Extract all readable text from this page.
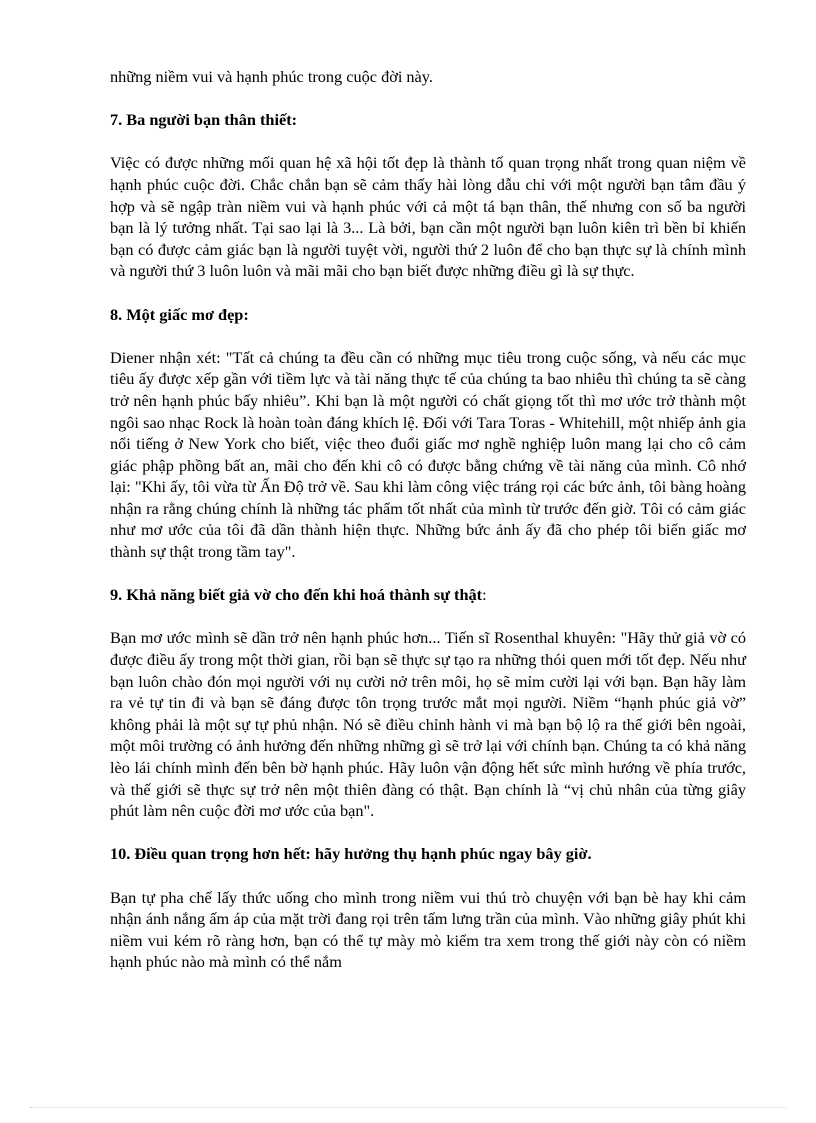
những niềm vui và hạnh phúc trong cuộc đời này.

7. Ba người bạn thân thiết:

Việc có được những mối quan hệ xã hội tốt đẹp là thành tố quan trọng nhất trong quan niệm về hạnh phúc cuộc đời. Chắc chắn bạn sẽ cảm thấy hài lòng dẫu chỉ với một người bạn tâm đầu ý hợp và sẽ ngập tràn niềm vui và hạnh phúc với cả một tá bạn thân, thế nhưng con số ba người bạn là lý tưởng nhất. Tại sao lại là 3... Là bởi, bạn cần một người bạn luôn kiên trì bền bỉ khiến bạn có được cảm giác bạn là người tuyệt vời, người thứ 2 luôn để cho bạn thực sự là chính mình và người thứ 3 luôn luôn và mãi mãi cho bạn biết được những điều gì là sự thực.

8. Một giấc mơ đẹp:

Diener nhận xét: "Tất cả chúng ta đều cần có những mục tiêu trong cuộc sống, và nếu các mục tiêu ấy được xếp gần với tiềm lực và tài năng thực tế của chúng ta bao nhiêu thì chúng ta sẽ càng trở nên hạnh phúc bấy nhiêu”. Khi bạn là một người có chất giọng tốt thì mơ ước trở thành một ngôi sao nhạc Rock là hoàn toàn đáng khích lệ. Đối với Tara Toras - Whitehill, một nhiếp ảnh gia nổi tiếng ở New York cho biết, việc theo đuổi giấc mơ nghề nghiệp luôn mang lại cho cô cảm giác phập phồng bất an, mãi cho đến khi cô có được bằng chứng về tài năng của mình. Cô nhớ lại: "Khi ấy, tôi vừa từ Ấn Độ trở về. Sau khi làm công việc tráng rọi các bức ảnh, tôi bàng hoàng nhận ra rằng chúng chính là những tác phẩm tốt nhất của mình từ trước đến giờ. Tôi có cảm giác như mơ ước của tôi đã dần thành hiện thực. Những bức ảnh ấy đã cho phép tôi biến giấc mơ thành sự thật trong tầm tay".

9. Khả năng biết giả vờ cho đến khi hoá thành sự thật:

Bạn mơ ước mình sẽ dần trở nên hạnh phúc hơn... Tiến sĩ Rosenthal khuyên: "Hãy thử giả vờ có được điều ấy trong một thời gian, rồi bạn sẽ thực sự tạo ra những thói quen mới tốt đẹp. Nếu như bạn luôn chào đón mọi người với nụ cười nở trên môi, họ sẽ mỉm cười lại với bạn. Bạn hãy làm ra vẻ tự tin đi và bạn sẽ đáng được tôn trọng trước mắt mọi người. Niềm “hạnh phúc giả vờ” không phải là một sự tự phủ nhận. Nó sẽ điều chỉnh hành vi mà bạn bộ lộ ra thế giới bên ngoài, một môi trường có ảnh hưởng đến những những gì sẽ trở lại với chính bạn. Chúng ta có khả năng lèo lái chính mình đến bên bờ hạnh phúc. Hãy luôn vận động hết sức mình hướng về phía trước, và thế giới sẽ thực sự trở nên một thiên đàng có thật. Bạn chính là “vị chủ nhân của từng giây phút làm nên cuộc đời mơ ước của bạn".

10. Điều quan trọng hơn hết: hãy hưởng thụ hạnh phúc ngay bây giờ.

Bạn tự pha chế lấy thức uống cho mình trong niềm vui thú trò chuyện với bạn bè hay khi cảm nhận ánh nắng ấm áp của mặt trời đang rọi trên tấm lưng trần của mình. Vào những giây phút khi niềm vui kém rõ ràng hơn, bạn có thể tự mày mò kiểm tra xem trong thế giới này còn có niềm hạnh phúc nào mà mình có thể nắm
